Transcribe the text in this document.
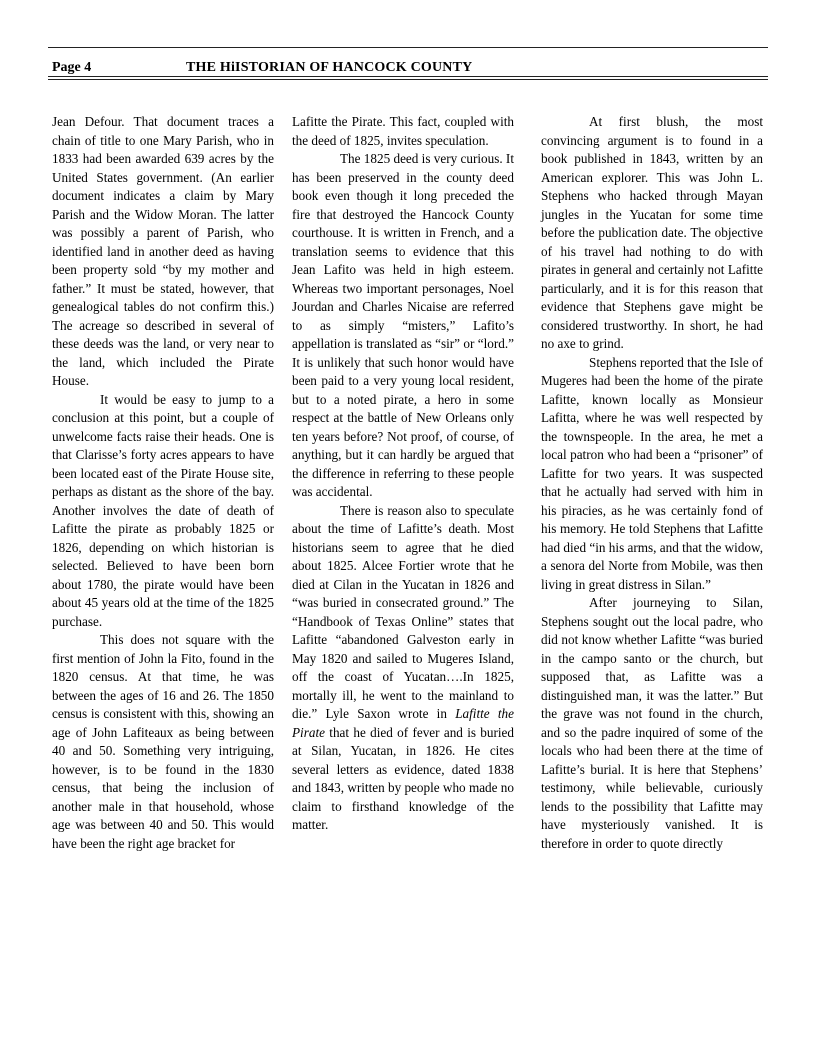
Page 4	THE HiISTORIAN OF HANCOCK COUNTY

Jean Defour. That document traces a chain of title to one Mary Parish, who in 1833 had been awarded 639 acres by the United States government. (An earlier document indicates a claim by Mary Parish and the Widow Moran. The latter was possibly a parent of Parish, who identified land in another deed as having been property sold “by my mother and father.” It must be stated, however, that genealogical tables do not confirm this.) The acreage so described in several of these deeds was the land, or very near to the land, which included the Pirate House.

It would be easy to jump to a conclusion at this point, but a couple of unwelcome facts raise their heads. One is that Clarisse’s forty acres appears to have been located east of the Pirate House site, perhaps as distant as the shore of the bay. Another involves the date of death of Lafitte the pirate as probably 1825 or 1826, depending on which historian is selected. Believed to have been born about 1780, the pirate would have been about 45 years old at the time of the 1825 purchase.

This does not square with the first mention of John la Fito, found in the 1820 census. At that time, he was between the ages of 16 and 26. The 1850 census is consistent with this, showing an age of John Lafiteaux as being between 40 and 50. Something very intriguing, however, is to be found in the 1830 census, that being the inclusion of another male in that household, whose age was between 40 and 50. This would have been the right age bracket for

Lafitte the Pirate. This fact, coupled with the deed of 1825, invites speculation.

The 1825 deed is very curious. It has been preserved in the county deed book even though it long preceded the fire that destroyed the Hancock County courthouse. It is written in French, and a translation seems to evidence that this Jean Lafito was held in high esteem. Whereas two important personages, Noel Jourdan and Charles Nicaise are referred to as simply “misters,” Lafito’s appellation is translated as “sir” or “lord.” It is unlikely that such honor would have been paid to a very young local resident, but to a noted pirate, a hero in some respect at the battle of New Orleans only ten years before? Not proof, of course, of anything, but it can hardly be argued that the difference in referring to these people was accidental.

There is reason also to speculate about the time of Lafitte’s death. Most historians seem to agree that he died about 1825. Alcee Fortier wrote that he died at Cilan in the Yucatan in 1826 and “was buried in consecrated ground.” The “Handbook of Texas Online” states that Lafitte “abandoned Galveston early in May 1820 and sailed to Mugeres Island, off the coast of Yucatan….In 1825, mortally ill, he went to the mainland to die.” Lyle Saxon wrote in Lafitte the Pirate that he died of fever and is buried at Silan, Yucatan, in 1826. He cites several letters as evidence, dated 1838 and 1843, written by people who made no claim to firsthand knowledge of the matter.

At first blush, the most convincing argument is to found in a book published in 1843, written by an American explorer. This was John L. Stephens who hacked through Mayan jungles in the Yucatan for some time before the publication date. The objective of his travel had nothing to do with pirates in general and certainly not Lafitte particularly, and it is for this reason that evidence that Stephens gave might be considered trustworthy. In short, he had no axe to grind.

Stephens reported that the Isle of Mugeres had been the home of the pirate Lafitte, known locally as Monsieur Lafitta, where he was well respected by the townspeople. In the area, he met a local patron who had been a “prisoner” of Lafitte for two years. It was suspected that he actually had served with him in his piracies, as he was certainly fond of his memory. He told Stephens that Lafitte had died “in his arms, and that the widow, a senora del Norte from Mobile, was then living in great distress in Silan.”

After journeying to Silan, Stephens sought out the local padre, who did not know whether Lafitte “was buried in the campo santo or the church, but supposed that, as Lafitte was a distinguished man, it was the latter.” But the grave was not found in the church, and so the padre inquired of some of the locals who had been there at the time of Lafitte’s burial. It is here that Stephens’ testimony, while believable, curiously lends to the possibility that Lafitte may have mysteriously vanished. It is therefore in order to quote directly
